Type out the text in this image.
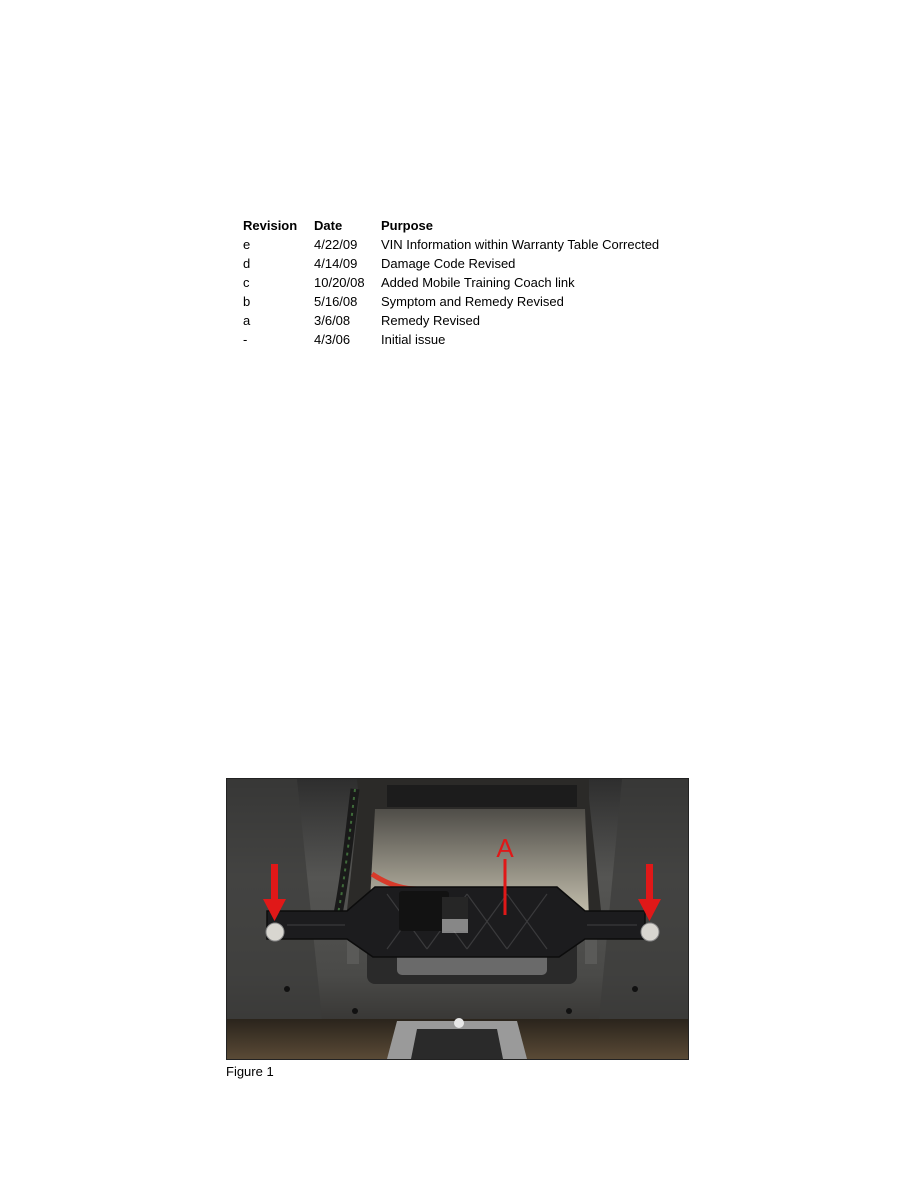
Revision	Date	Purpose
e	4/22/09	VIN Information within Warranty Table Corrected
d	4/14/09	Damage Code Revised
c	10/20/08	Added Mobile Training Coach link
b	5/16/08	Symptom and Remedy Revised
a	3/6/08	Remedy Revised
-	4/3/06	Initial issue
A
Figure 1
